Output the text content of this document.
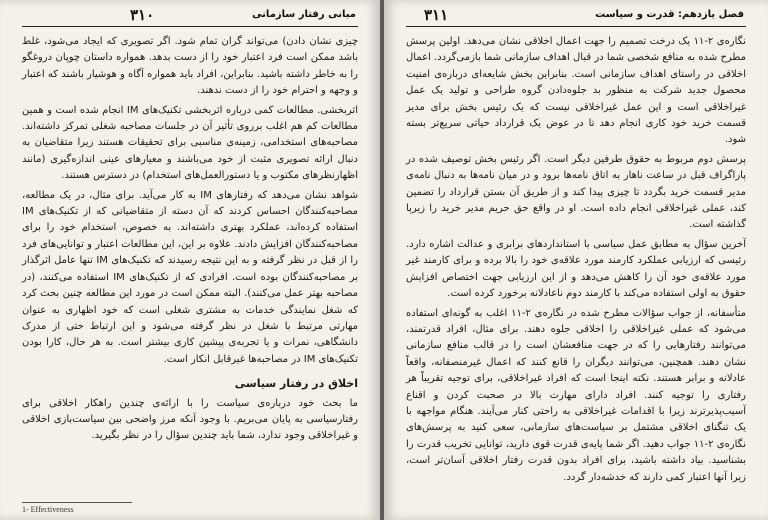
۳۱۰	مبانی رفتار سازمانی

چیزی نشان دادن) می‌تواند گران تمام شود. اگر تصویری که ایجاد می‌شود، غلط باشد ممکن است فرد اعتبار خود را از دست بدهد. همواره داستان چوپان دروغگو را به خاطر داشته باشید. بنابراین، افراد باید همواره آگاه و هوشیار باشند که اعتبار و وجهه و احترام خود را از دست ندهند.

اثربخشی. مطالعات کمی درباره اثربخشی تکنیک‌های IM انجام شده است و همین مطالعات کم هم اغلب برروی تأثیر آن در جلسات مصاحبه شغلی تمرکز داشته‌اند. مصاحبه‌های استخدامی، زمینه‌ی مناسبی برای تحقیقات هستند زیرا متقاضیان به دنبال ارائه تصویری مثبت از خود می‌باشند و معیارهای عینی اندازه‌گیری (مانند اظهارنظرهای مکتوب و یا دستورالعمل‌های استخدام) در دسترس هستند.

شواهد نشان می‌دهد که رفتارهای IM به کار می‌آید. برای مثال، در یک مطالعه، مصاحبه‌کنندگان احساس کردند که آن دسته از متقاضیانی که از تکنیک‌های IM استفاده کرده‌اند، عملکرد بهتری داشته‌اند. به خصوص، استخدام خود را برای مصاحبه‌کنندگان افزایش دادند. علاوه بر این، این مطالعات اعتبار و توانایی‌های فرد را از قبل در نظر گرفته و به این نتیجه رسیدند که تکنیک‌های IM تنها عامل اثرگذار بر مصاحبه‌کنندگان بوده است. افرادی که از تکنیک‌های IM استفاده می‌کنند، (در مصاحبه بهتر عمل می‌کنند). البته ممکن است در مورد این مطالعه چنین بحث کرد که شغل نمایندگی خدمات به مشتری شغلی است که خود اظهاری به عنوان مهارتی مرتبط با شغل در نظر گرفته می‌شود و این ارتباط حتی از مدرک دانشگاهی، نمرات و یا تجربه‌ی پیشین کاری بیشتر است. به هر حال، کارا بودن تکنیک‌های IM در مصاحبه‌ها غیرقابل انکار است.

اخلاق در رفتار سیاسی

ما بحث خود درباره‌ی سیاست را با ارائه‌ی چندین راهکار اخلاقی برای رفتارسیاسی به پایان می‌بریم. با وجود آنکه مرز واضحی بین سیاست‌بازی اخلاقی و غیراخلاقی وجود ندارد، شما باید چندین سؤال را در نظر بگیرید.

1- Effectiveness
۳۱۱	فصل یازدهم: قدرت و سیاست

نگاره‌ی ۲-۱۱ یک درخت تصمیم را جهت اعمال اخلاقی نشان می‌دهد. اولین پرسش مطرح شده به منافع شخصی شما در قبال اهداف سازمانی شما بازمی‌گردد. اعمال اخلاقی در راستای اهداف سازمانی است. بنابراین بخش شایعه‌ای درباره‌ی امنیت محصول جدید شرکت به منظور بد جلوه‌دادن گروه طراحی و تولید یک عمل غیراخلاقی است و این عمل غیراخلاقی نیست که یک رئیس بخش برای مدیر قسمت خرید خود کاری انجام دهد تا در عوض یک قرارداد حیاتی سریع‌تر بسته شود.

پرسش دوم مربوط به حقوق طرفین دیگر است. اگر رئیس بخش توصیف شده در پاراگراف قبل در ساعت ناهار به اتاق نامه‌ها برود و در میان نامه‌ها به دنبال نامه‌ی مدیر قسمت خرید بگردد تا چیزی پیدا کند و از طریق آن بستن قرارداد را تضمین کند، عملی غیراخلاقی انجام داده است. او در واقع حق حریم مدیر خرید را زیرپا گذاشته است.

آخرین سؤال به مطابق عمل سیاسی با استانداردهای برابری و عدالت اشاره دارد. رئیسی که ارزیابی عملکرد کارمند مورد علاقه‌ی خود را بالا برده و برای کارمند غیر مورد علاقه‌ی خود آن را کاهش می‌دهد و از این ارزیابی جهت اختصاص افزایش حقوق به اولی استفاده می‌کند با کارمند دوم ناعادلانه برخورد کرده است.

متأسفانه، از جواب سؤالات مطرح شده در نگاره‌ی ۲-۱۱ اغلب به گونه‌ای استفاده می‌شود که عملی غیراخلاقی را اخلاقی جلوه دهند. برای مثال، افراد قدرتمند، می‌توانند رفتارهایی را که در جهت منافعشان است را در قالب منافع سازمانی نشان دهند. همچنین، می‌توانند دیگران را قانع کنند که اعمال غیرمنصفانه، واقعاً عادلانه و برابر هستند. نکته اینجا است که افراد غیراخلاقی، برای توجیه تقریباً هر رفتاری را توجیه کنند. افراد دارای مهارت بالا در صحبت کردن و اقناع آسیب‌پذیرترند زیرا با اقدامات غیراخلاقی به راحتی کنار می‌آیند. هنگام مواجهه با یک تنگنای اخلاقی مشتمل بر سیاست‌های سازمانی، سعی کنید به پرسش‌های نگاره‌ی ۲-۱۱ جواب دهید. اگر شما پایه‌ی قدرت قوی دارید، توانایی تخریب قدرت را بشناسید. بیاد داشته باشید، برای افراد بدون قدرت رفتار اخلاقی آسان‌تر است، زیرا آنها اعتبار کمی دارند که خدشه‌دار گردد.
